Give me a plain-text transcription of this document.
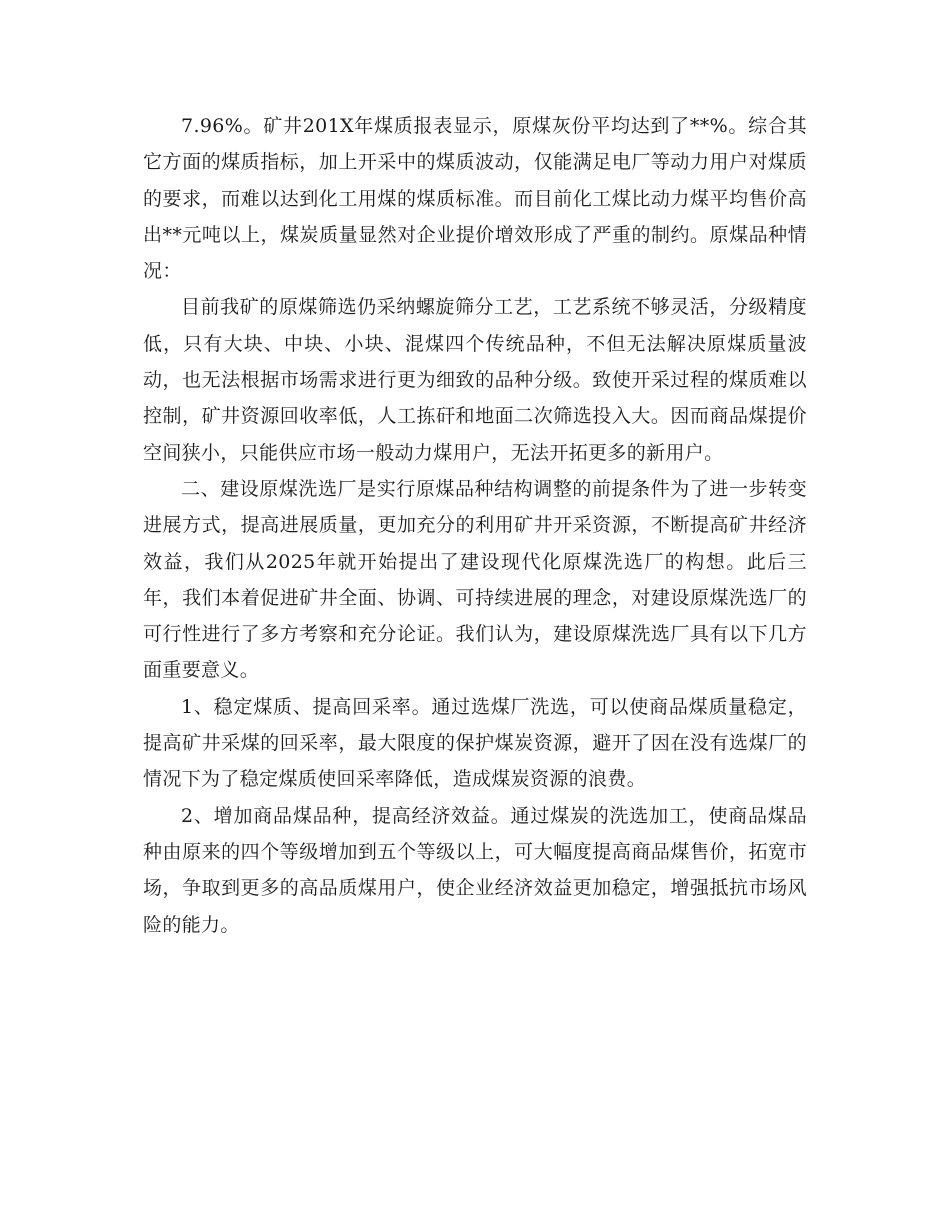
7.96%。矿井201X年煤质报表显示，原煤灰份平均达到了**%。综合其它方面的煤质指标，加上开采中的煤质波动，仅能满足电厂等动力用户对煤质的要求，而难以达到化工用煤的煤质标准。而目前化工煤比动力煤平均售价高出**元吨以上，煤炭质量显然对企业提价增效形成了严重的制约。原煤品种情况：

目前我矿的原煤筛选仍采纳螺旋筛分工艺，工艺系统不够灵活，分级精度低，只有大块、中块、小块、混煤四个传统品种，不但无法解决原煤质量波动，也无法根据市场需求进行更为细致的品种分级。致使开采过程的煤质难以控制，矿井资源回收率低，人工拣矸和地面二次筛选投入大。因而商品煤提价空间狭小，只能供应市场一般动力煤用户，无法开拓更多的新用户。

二、建设原煤洗选厂是实行原煤品种结构调整的前提条件为了进一步转变进展方式，提高进展质量，更加充分的利用矿井开采资源，不断提高矿井经济效益，我们从2025年就开始提出了建设现代化原煤洗选厂的构想。此后三年，我们本着促进矿井全面、协调、可持续进展的理念，对建设原煤洗选厂的可行性进行了多方考察和充分论证。我们认为，建设原煤洗选厂具有以下几方面重要意义。

1、稳定煤质、提高回采率。通过选煤厂洗选，可以使商品煤质量稳定，提高矿井采煤的回采率，最大限度的保护煤炭资源，避开了因在没有选煤厂的情况下为了稳定煤质使回采率降低，造成煤炭资源的浪费。

2、增加商品煤品种，提高经济效益。通过煤炭的洗选加工，使商品煤品种由原来的四个等级增加到五个等级以上，可大幅度提高商品煤售价，拓宽市场，争取到更多的高品质煤用户，使企业经济效益更加稳定，增强抵抗市场风险的能力。
